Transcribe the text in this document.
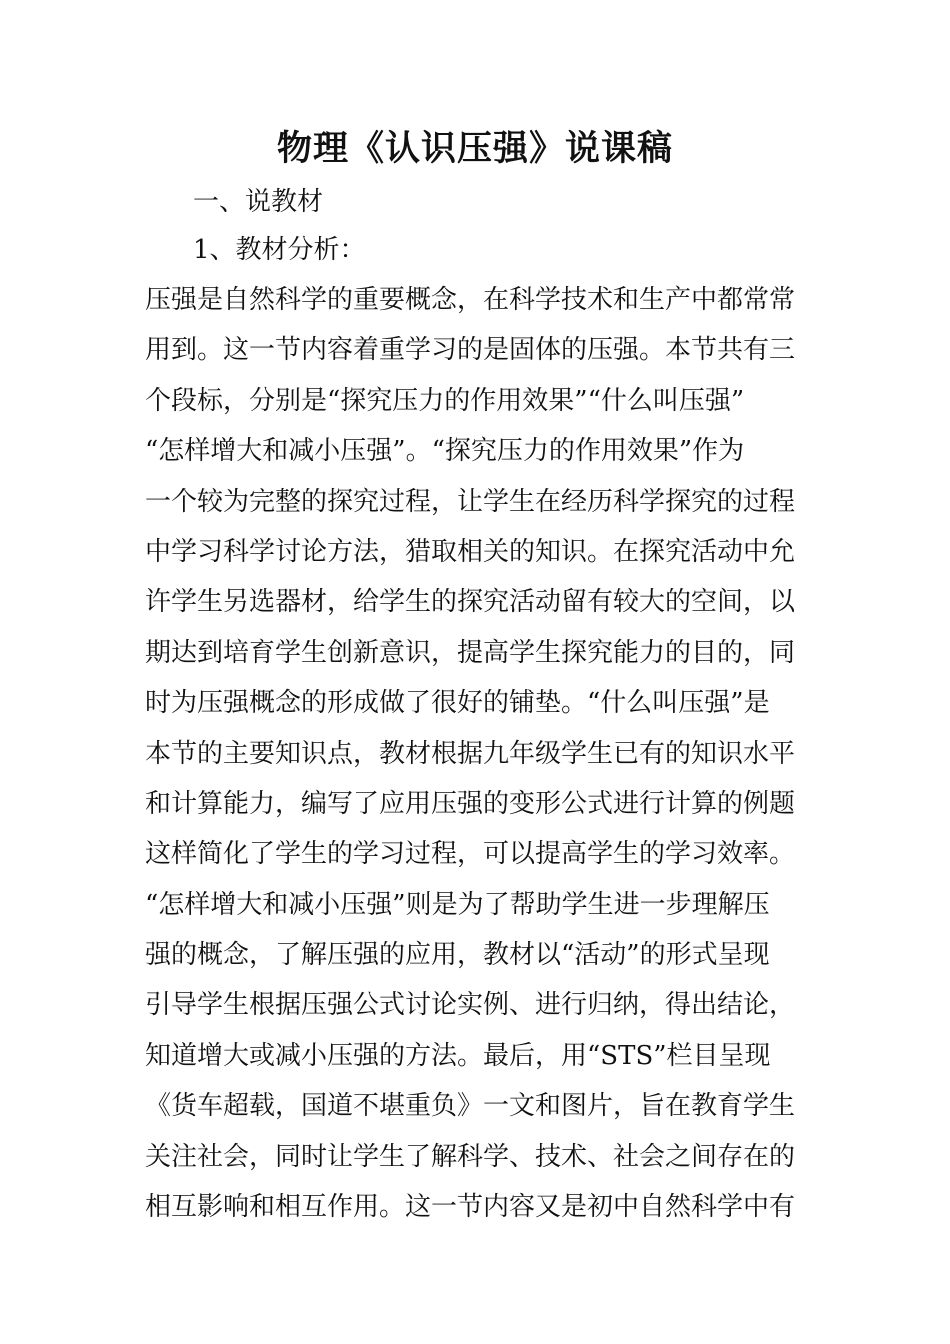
物理《认识压强》说课稿

一、说教材

1、教材分析：

压强是自然科学的重要概念，在科学技术和生产中都常常
用到。这一节内容着重学习的是固体的压强。本节共有三
个段标，分别是“探究压力的作用效果”“什么叫压强”
“怎样增大和减小压强”。“探究压力的作用效果”作为
一个较为完整的探究过程，让学生在经历科学探究的过程
中学习科学讨论方法，猎取相关的知识。在探究活动中允
许学生另选器材，给学生的探究活动留有较大的空间，以
期达到培育学生创新意识，提高学生探究能力的目的，同
时为压强概念的形成做了很好的铺垫。“什么叫压强”是
本节的主要知识点，教材根据九年级学生已有的知识水平
和计算能力，编写了应用压强的变形公式进行计算的例题
这样简化了学生的学习过程，可以提高学生的学习效率。
“怎样增大和减小压强”则是为了帮助学生进一步理解压
强的概念，了解压强的应用，教材以“活动”的形式呈现
引导学生根据压强公式讨论实例、进行归纳，得出结论，
知道增大或减小压强的方法。最后，用“STS”栏目呈现
《货车超载，国道不堪重负》一文和图片，旨在教育学生
关注社会，同时让学生了解科学、技术、社会之间存在的
相互影响和相互作用。这一节内容又是初中自然科学中有
